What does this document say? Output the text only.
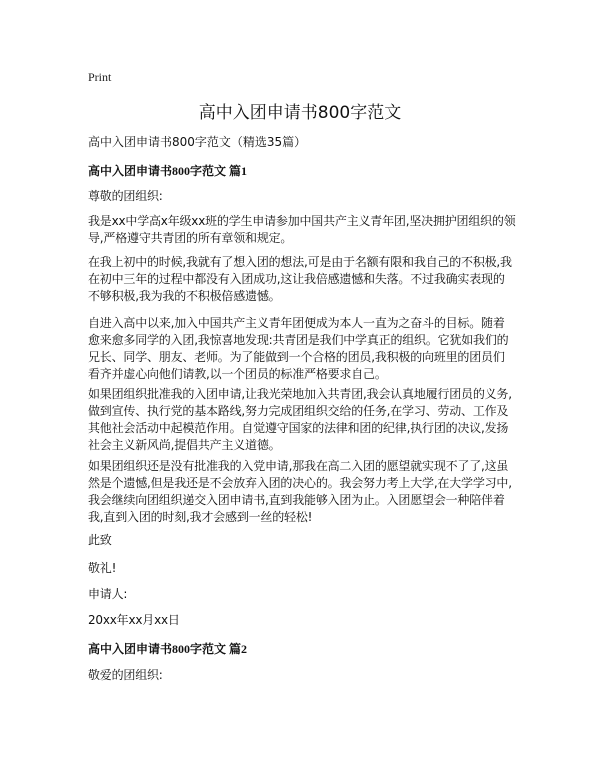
Print
高中入团申请书800字范文
高中入团申请书800字范文（精选35篇）
高中入团申请书800字范文 篇1

尊敬的团组织:

我是xx中学高x年级xx班的学生申请参加中国共产主义青年团,坚决拥护团组织的领
导,严格遵守共青团的所有章领和规定。

在我上初中的时候,我就有了想入团的想法,可是由于名额有限和我自己的不积极,我
在初中三年的过程中都没有入团成功,这让我倍感遗憾和失落。不过我确实表现的
不够积极,我为我的不积极倍感遗憾。

自进入高中以来,加入中国共产主义青年团便成为本人一直为之奋斗的目标。随着
愈来愈多同学的入团,我惊喜地发现:共青团是我们中学真正的组织。它犹如我们的
兄长、同学、朋友、老师。为了能做到一个合格的团员,我积极的向班里的团员们
看齐并虚心向他们请教,以一个团员的标准严格要求自己。

如果团组织批准我的入团申请,让我光荣地加入共青团,我会认真地履行团员的义务,
做到宣传、执行党的基本路线,努力完成团组织交给的任务,在学习、劳动、工作及
其他社会活动中起模范作用。自觉遵守国家的法律和团的纪律,执行团的决议,发扬
社会主义新风尚,提倡共产主义道德。

如果团组织还是没有批准我的入党申请,那我在高二入团的愿望就实现不了了,这虽
然是个遗憾,但是我还是不会放弃入团的决心的。我会努力考上大学,在大学学习中,
我会继续向团组织递交入团申请书,直到我能够入团为止。入团愿望会一种陪伴着
我,直到入团的时刻,我才会感到一丝的轻松!

此致

敬礼!

申请人:

20xx年xx月xx日

高中入团申请书800字范文 篇2

敬爱的团组织:
